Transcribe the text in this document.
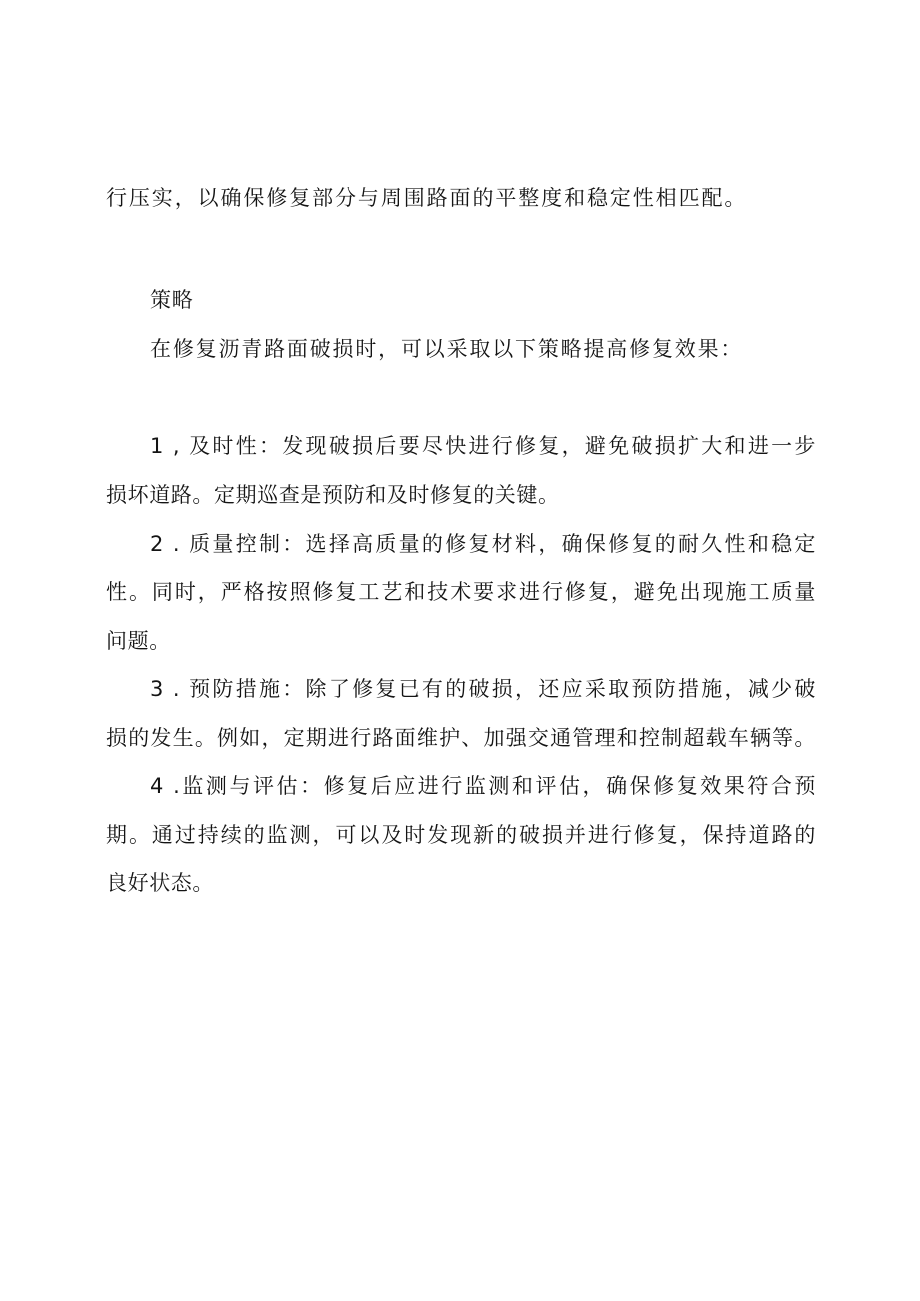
行压实，以确保修复部分与周围路面的平整度和稳定性相匹配。
策略
在修复沥青路面破损时，可以采取以下策略提高修复效果：
1 , 及时性：发现破损后要尽快进行修复，避免破损扩大和进一步
损坏道路。定期巡查是预防和及时修复的关键。
2 . 质量控制：选择高质量的修复材料，确保修复的耐久性和稳定
性。同时，严格按照修复工艺和技术要求进行修复，避免出现施工质量
问题。
3 . 预防措施：除了修复已有的破损，还应采取预防措施，减少破
损的发生。例如，定期进行路面维护、加强交通管理和控制超载车辆等。
4 .监测与评估：修复后应进行监测和评估，确保修复效果符合预
期。通过持续的监测，可以及时发现新的破损并进行修复，保持道路的
良好状态。
